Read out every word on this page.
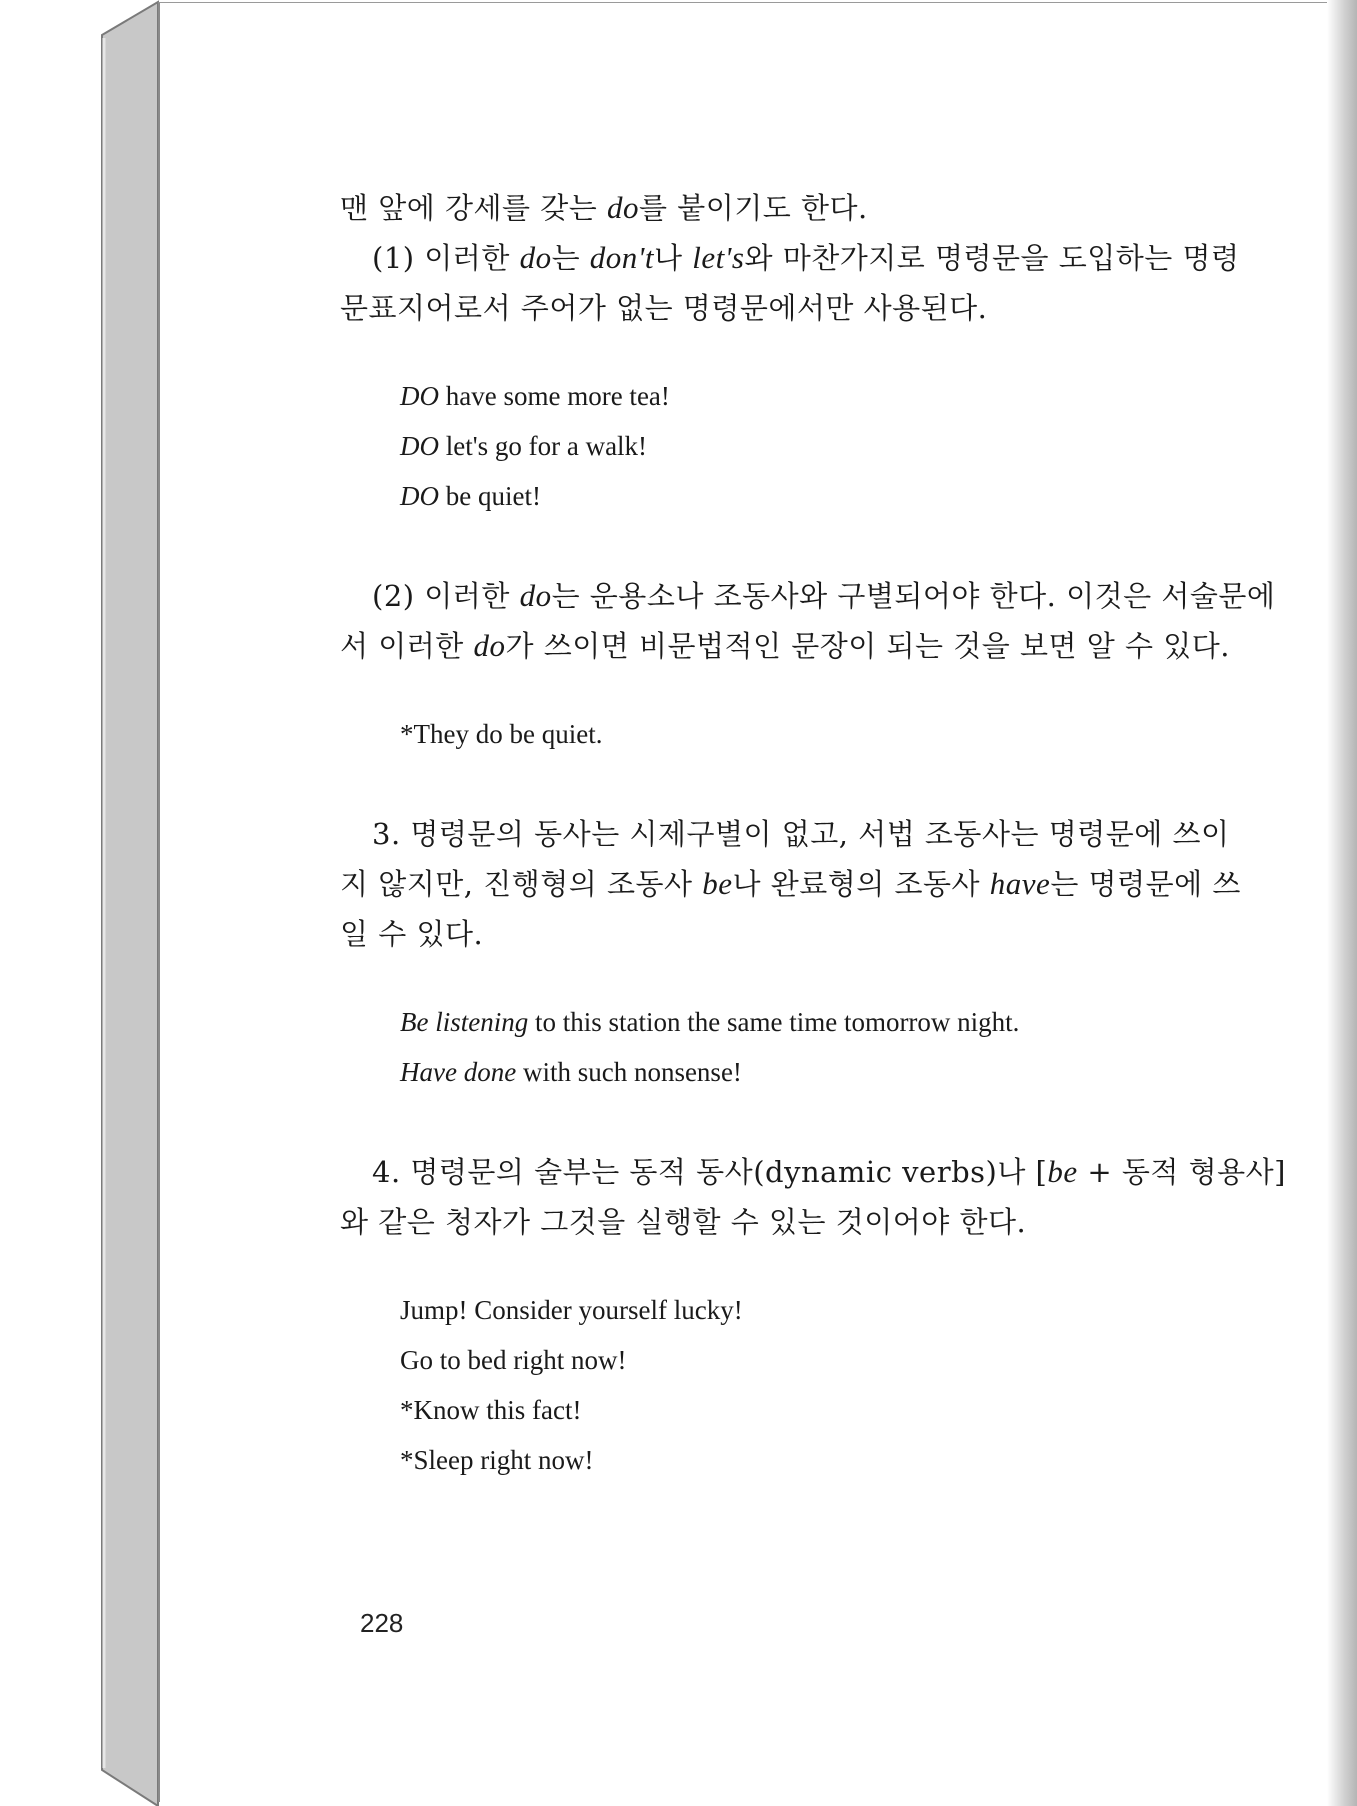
맨 앞에 강세를 갖는 do를 붙이기도 한다.

(1) 이러한 do는 don't나 let's와 마찬가지로 명령문을 도입하는 명령

문표지어로서 주어가 없는 명령문에서만 사용된다.

DO have some more tea!

DO let's go for a walk!

DO be quiet!

(2) 이러한 do는 운용소나 조동사와 구별되어야 한다. 이것은 서술문에

서 이러한 do가 쓰이면 비문법적인 문장이 되는 것을 보면 알 수 있다.

*They do be quiet.

3. 명령문의 동사는 시제구별이 없고, 서법 조동사는 명령문에 쓰이

지 않지만, 진행형의 조동사 be나 완료형의 조동사 have는 명령문에 쓰

일 수 있다.

Be listening to this station the same time tomorrow night.

Have done with such nonsense!

4. 명령문의 술부는 동적 동사(dynamic verbs)나 [be + 동적 형용사]

와 같은 청자가 그것을 실행할 수 있는 것이어야 한다.

Jump! Consider yourself lucky!

Go to bed right now!

*Know this fact!

*Sleep right now!

228
